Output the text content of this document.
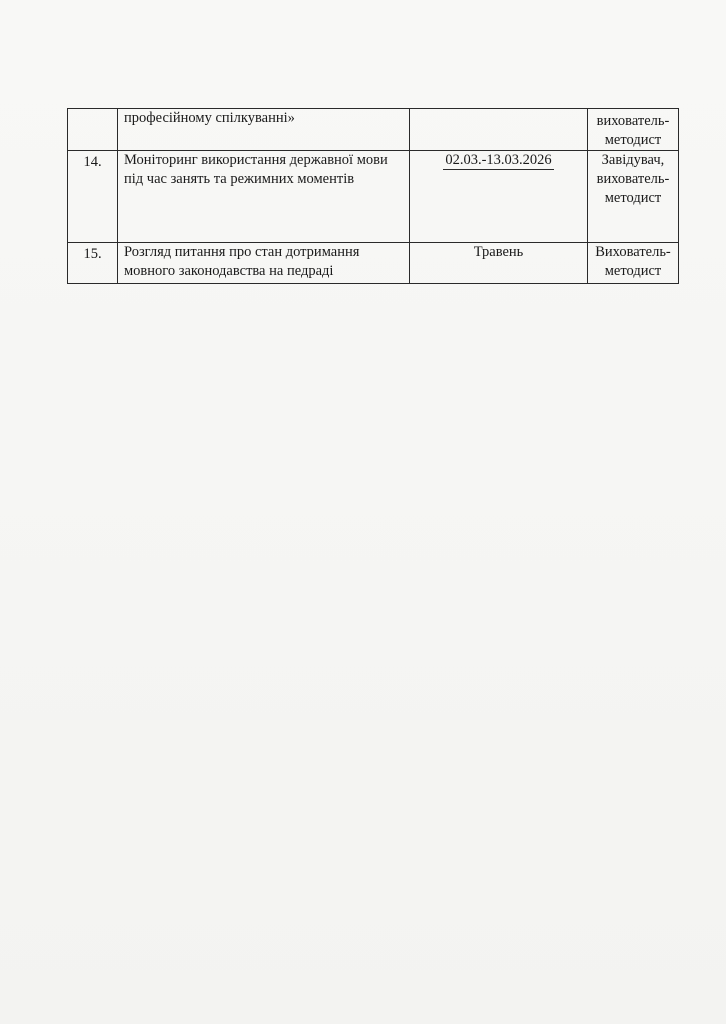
	професійному спілкуванні»		вихователь-методист
14.	Моніторинг використання державної мови під час занять та режимних моментів	02.03.-13.03.2026	Завідувач, вихователь-методист
15.	Розгляд питання про стан дотримання мовного законодавства на педраді	Травень	Вихователь-методист
